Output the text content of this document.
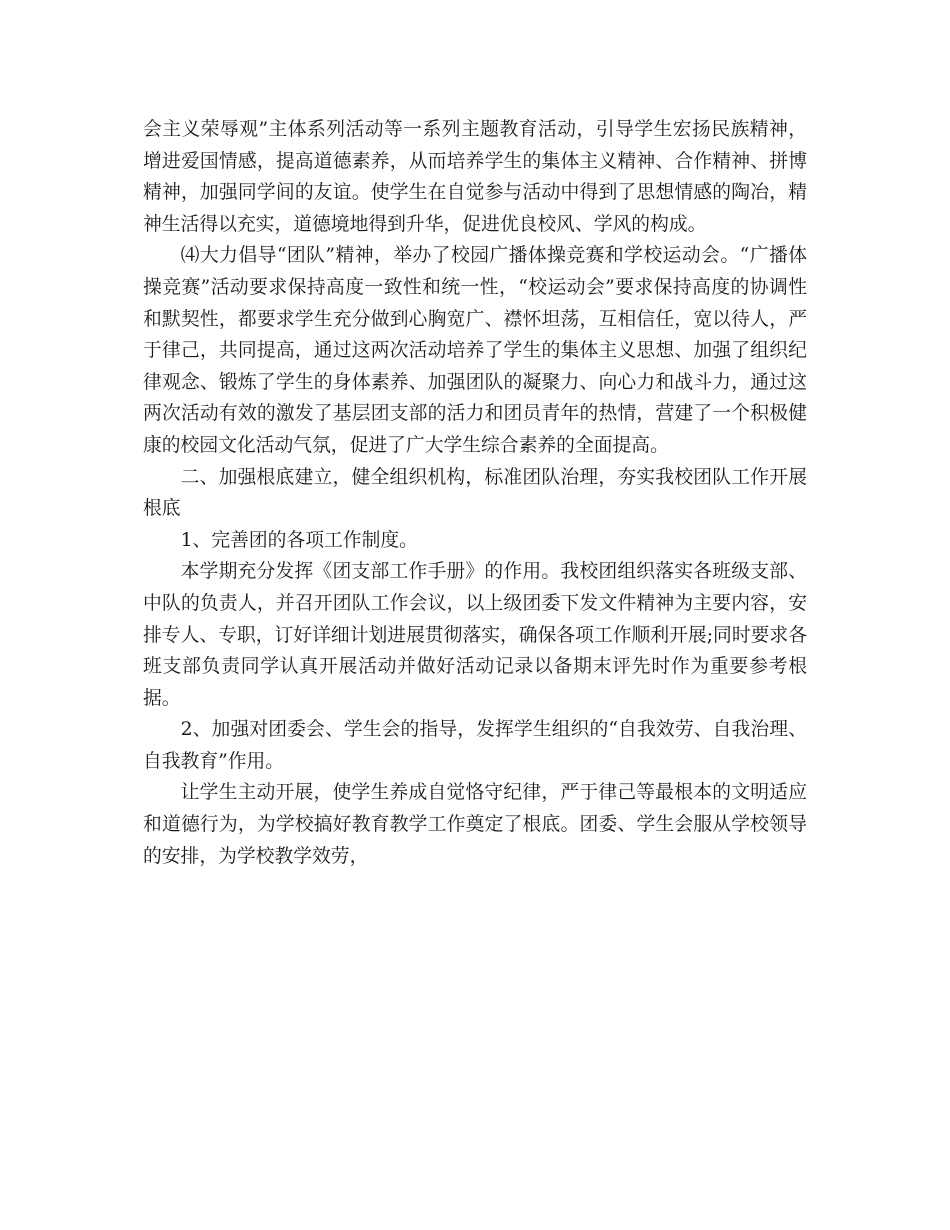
会主义荣辱观”主体系列活动等一系列主题教育活动，引导学生宏扬民族精神，增进爱国情感，提高道德素养，从而培养学生的集体主义精神、合作精神、拼博精神，加强同学间的友谊。使学生在自觉参与活动中得到了思想情感的陶冶，精神生活得以充实，道德境地得到升华，促进优良校风、学风的构成。

⑷大力倡导“团队”精神，举办了校园广播体操竞赛和学校运动会。“广播体操竞赛”活动要求保持高度一致性和统一性，“校运动会”要求保持高度的协调性和默契性，都要求学生充分做到心胸宽广、襟怀坦荡，互相信任，宽以待人，严于律己，共同提高，通过这两次活动培养了学生的集体主义思想、加强了组织纪律观念、锻炼了学生的身体素养、加强团队的凝聚力、向心力和战斗力，通过这两次活动有效的激发了基层团支部的活力和团员青年的热情，营建了一个积极健康的校园文化活动气氛，促进了广大学生综合素养的全面提高。

二、加强根底建立，健全组织机构，标准团队治理，夯实我校团队工作开展根底

1、完善团的各项工作制度。

本学期充分发挥《团支部工作手册》的作用。我校团组织落实各班级支部、中队的负责人，并召开团队工作会议，以上级团委下发文件精神为主要内容，安排专人、专职，订好详细计划进展贯彻落实，确保各项工作顺利开展;同时要求各班支部负责同学认真开展活动并做好活动记录以备期末评先时作为重要参考根据。

2、加强对团委会、学生会的指导，发挥学生组织的“自我效劳、自我治理、自我教育”作用。

让学生主动开展，使学生养成自觉恪守纪律，严于律己等最根本的文明适应和道德行为，为学校搞好教育教学工作奠定了根底。团委、学生会服从学校领导的安排，为学校教学效劳，
